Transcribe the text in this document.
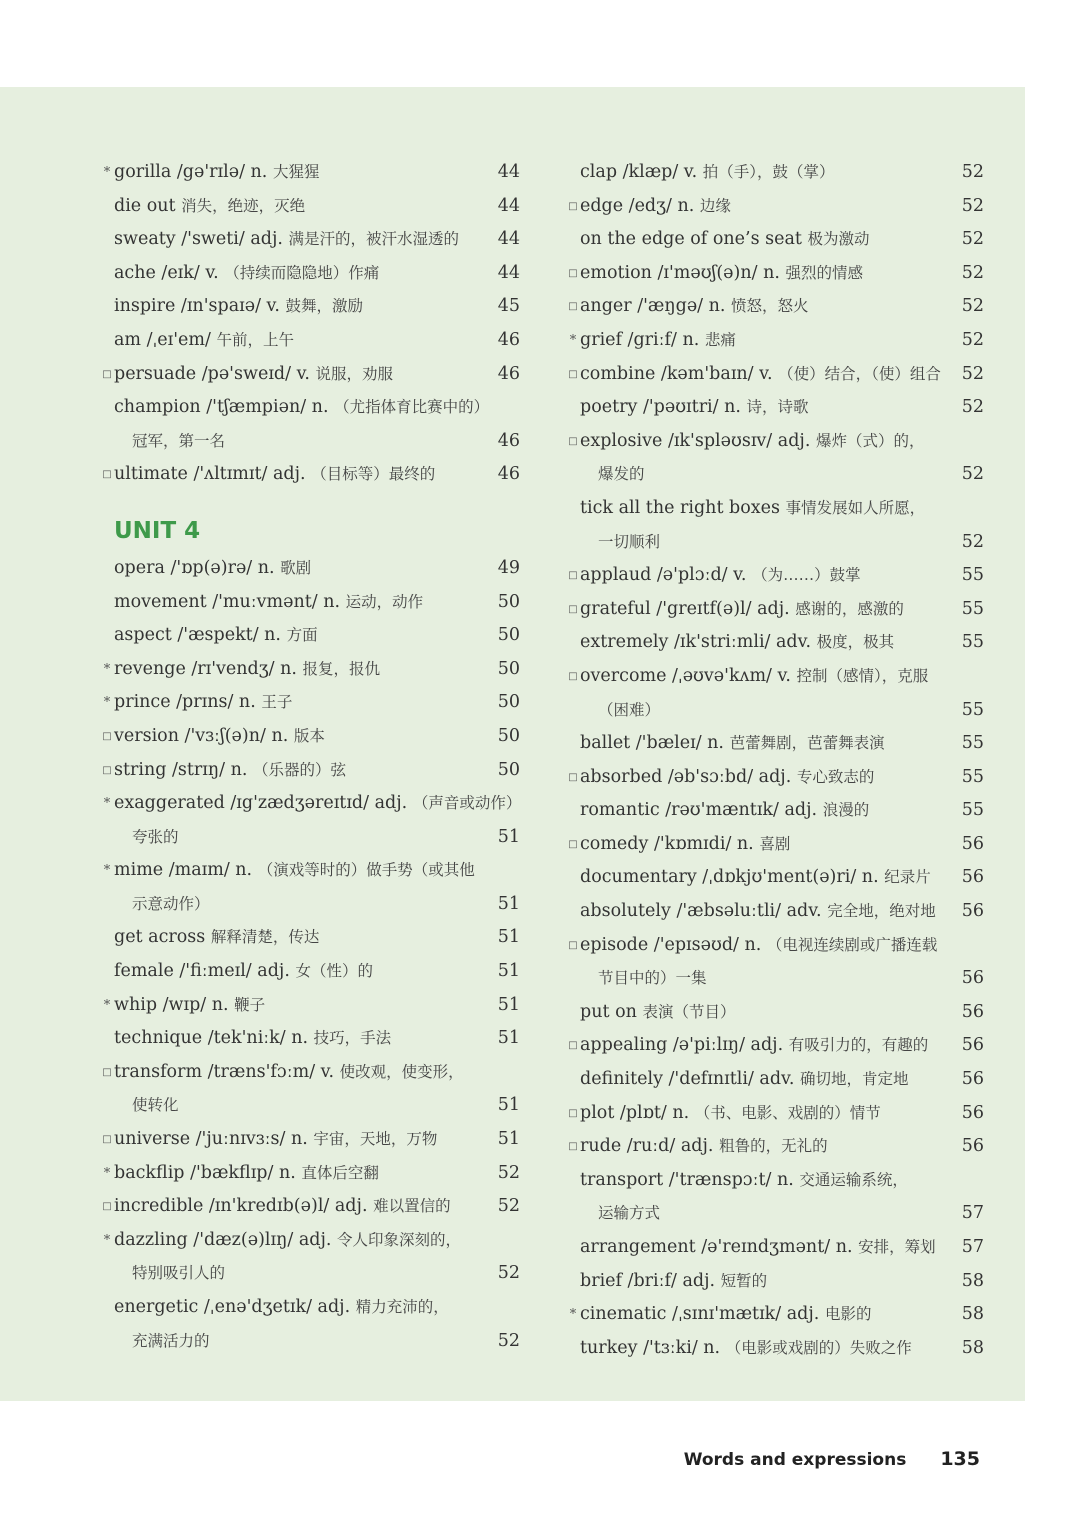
* gorilla /gə'rɪlə/ n. 大猩猩	44
die out 消失，绝迹，灭绝	44
sweaty /'sweti/ adj. 满是汗的，被汗水湿透的 44
ache /eɪk/ v. （持续而隐隐地）作痛	44
inspire /ɪn'spaɪə/ v. 鼓舞，激励	45
am /ˌeɪ'em/ 午前，上午	46
□ persuade /pə'sweɪd/ v. 说服，劝服	46
champion /'tʃæmpiən/ n. （尤指体育比赛中的）
冠军，第一名	46
□ ultimate /'ʌltɪmɪt/ adj. （目标等）最终的	46
UNIT 4
opera /'ɒp(ə)rə/ n. 歌剧	49
movement /'muːvmənt/ n. 运动，动作	50
aspect /'æspekt/ n. 方面	50
* revenge /rɪ'vendʒ/ n. 报复，报仇	50
* prince /prɪns/ n. 王子	50
□ version /'vɜːʃ(ə)n/ n. 版本	50
□ string /strɪŋ/ n. （乐器的）弦	50
* exaggerated /ɪg'zædʒəreɪtɪd/ adj. （声音或动作）
夸张的	51
* mime /maɪm/ n. （演戏等时的）做手势（或其他
示意动作）	51
get across 解释清楚，传达	51
female /'fiːmeɪl/ adj. 女（性）的	51
* whip /wɪp/ n. 鞭子	51
technique /tek'niːk/ n. 技巧，手法	51
□ transform /træns'fɔːm/ v. 使改观，使变形，
使转化	51
□ universe /'juːnɪvɜːs/ n. 宇宙，天地，万物	51
* backflip /'bækflɪp/ n. 直体后空翻	52
□ incredible /ɪn'kredɪb(ə)l/ adj. 难以置信的	52
* dazzling /'dæz(ə)lɪŋ/ adj. 令人印象深刻的，
特别吸引人的	52
energetic /ˌenə'dʒetɪk/ adj. 精力充沛的，
充满活力的	52
clap /klæp/ v. 拍（手），鼓（掌）	52
□ edge /edʒ/ n. 边缘	52
on the edge of one’s seat 极为激动	52
□ emotion /ɪ'məʊʃ(ə)n/ n. 强烈的情感	52
□ anger /'æŋgə/ n. 愤怒，怒火	52
* grief /griːf/ n. 悲痛	52
□ combine /kəm'baɪn/ v. （使）结合，（使）组合 52
poetry /'pəʊɪtri/ n. 诗，诗歌	52
□ explosive /ɪk'spləʊsɪv/ adj. 爆炸（式）的，
爆发的	52
tick all the right boxes 事情发展如人所愿，
一切顺利	52
□ applaud /ə'plɔːd/ v. （为……）鼓掌	55
□ grateful /'greɪtf(ə)l/ adj. 感谢的，感激的	55
extremely /ɪk'striːmli/ adv. 极度，极其	55
□ overcome /ˌəʊvə'kʌm/ v. 控制（感情），克服
（困难）	55
ballet /'bæleɪ/ n. 芭蕾舞剧，芭蕾舞表演	55
□ absorbed /əb'sɔːbd/ adj. 专心致志的	55
romantic /rəʊ'mæntɪk/ adj. 浪漫的	55
□ comedy /'kɒmɪdi/ n. 喜剧	56
documentary /ˌdɒkjʊ'ment(ə)ri/ n. 纪录片 56
absolutely /'æbsəluːtli/ adv. 完全地，绝对地 56
□ episode /'epɪsəʊd/ n. （电视连续剧或广播连载
节目中的）一集	56
put on 表演（节目）	56
□ appealing /ə'piːlɪŋ/ adj. 有吸引力的，有趣的 56
definitely /'defɪnɪtli/ adv. 确切地，肯定地	56
□ plot /plɒt/ n. （书、电影、戏剧的）情节	56
□ rude /ruːd/ adj. 粗鲁的，无礼的	56
transport /'trænspɔːt/ n. 交通运输系统，
运输方式	57
arrangement /ə'reɪndʒmənt/ n. 安排，筹划 57
brief /briːf/ adj. 短暂的	58
* cinematic /ˌsɪnɪ'mætɪk/ adj. 电影的	58
turkey /'tɜːki/ n. （电影或戏剧的）失败之作	58
Words and expressions 135
